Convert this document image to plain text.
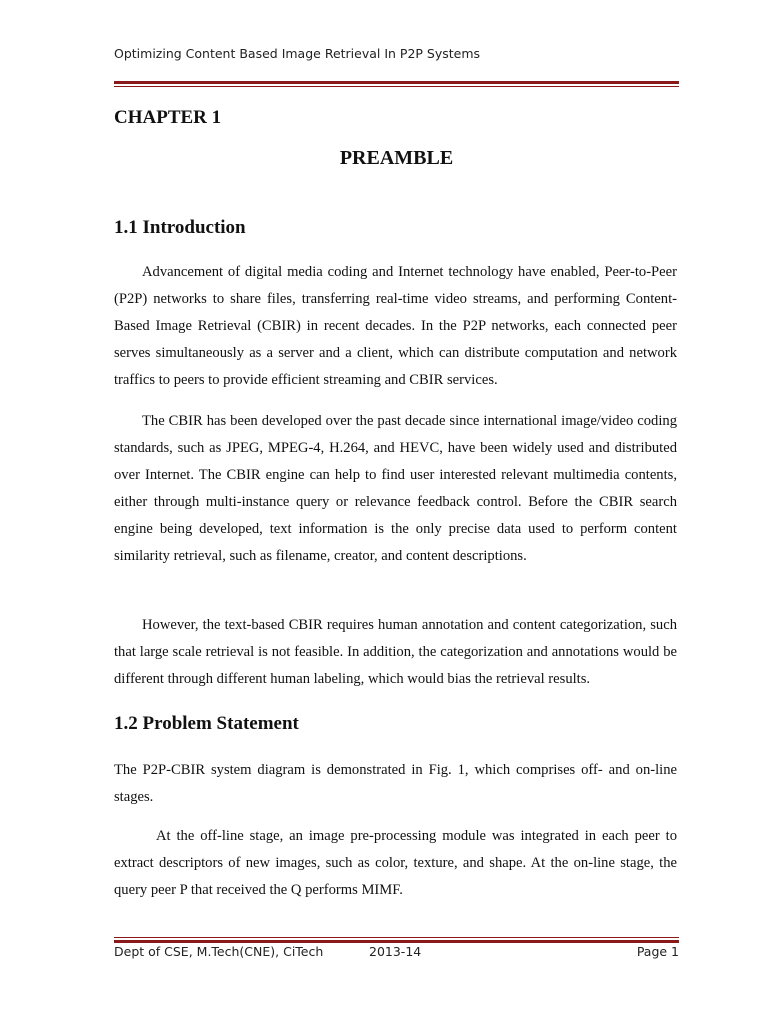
Optimizing Content Based Image Retrieval In P2P Systems
CHAPTER 1
PREAMBLE
1.1 Introduction

Advancement of digital media coding and Internet technology have enabled, Peer-to-Peer (P2P) networks to share files, transferring real-time video streams, and performing Content-Based Image Retrieval (CBIR) in recent decades. In the P2P networks, each connected peer serves simultaneously as a server and a client, which can distribute computation and network traffics to peers to provide efficient streaming and CBIR services.

The CBIR has been developed over the past decade since international image/video coding standards, such as JPEG, MPEG-4, H.264, and HEVC, have been widely used and distributed over Internet. The CBIR engine can help to find user interested relevant multimedia contents, either through multi-instance query or relevance feedback control. Before the CBIR search engine being developed, text information is the only precise data used to perform content similarity retrieval, such as filename, creator, and content descriptions.

However, the text-based CBIR requires human annotation and content categorization, such that large scale retrieval is not feasible. In addition, the categorization and annotations would be different through different human labeling, which would bias the retrieval results.

1.2 Problem Statement

The P2P-CBIR system diagram is demonstrated in Fig. 1, which comprises off- and on-line stages.

At the off-line stage, an image pre-processing module was integrated in each peer to extract descriptors of new images, such as color, texture, and shape. At the on-line stage, the query peer P that received the Q performs MIMF.

Dept of CSE, M.Tech(CNE), CiTech	2013-14	Page 1
